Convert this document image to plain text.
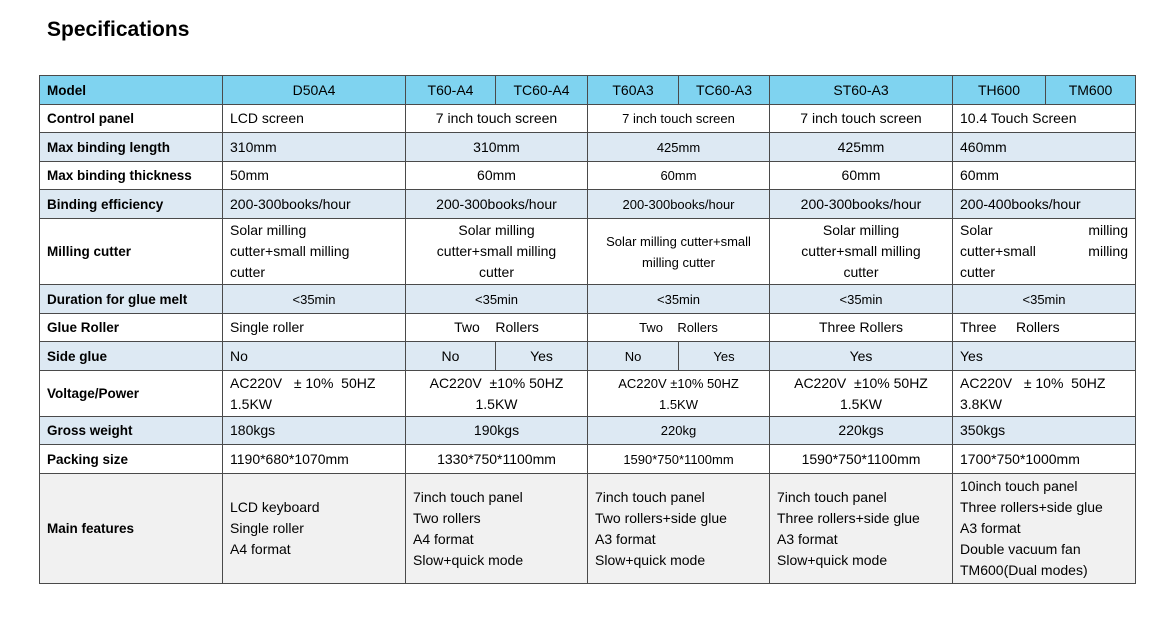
Specifications
Model	D50A4	T60-A4	TC60-A4	T60A3	TC60-A3	ST60-A3	TH600	TM600
Control panel	LCD screen	7 inch touch screen		7 inch touch screen		7 inch touch screen	10.4 Touch Screen	
Max binding length	310mm	310mm		425mm		425mm	460mm	
Max binding thickness	50mm	60mm		60mm		60mm	60mm	
Binding efficiency	200-300books/hour	200-300books/hour		200-300books/hour		200-300books/hour	200-400books/hour	
Milling cutter	Solar milling
cutter+small milling
cutter	Solar milling
cutter+small milling
cutter		Solar milling cutter+small
milling cutter		Solar milling
cutter+small milling
cutter	Solar milling
cutter+small milling
cutter	

Duration for glue melt	<35min	<35min		<35min		<35min	<35min	
Glue Roller	Single roller	Two    Rollers		Two    Rollers		Three Rollers	Three     Rollers	
Side glue	No	No	Yes	No	Yes	Yes	Yes	
Voltage/Power	AC220V   ± 10%  50HZ
1.5KW	AC220V  ±10% 50HZ
1.5KW		AC220V ±10% 50HZ
1.5KW		AC220V  ±10% 50HZ
1.5KW	AC220V   ± 10%  50HZ
3.8KW	

Gross weight	180kgs	190kgs		220kg		220kgs	350kgs	
Packing size	1190*680*1070mm	1330*750*1100mm		1590*750*1100mm		1590*750*1100mm	1700*750*1000mm	
Main features	LCD keyboard
Single roller
A4 format	7inch touch panel
Two rollers
A4 format
Slow+quick mode		7inch touch panel
Two rollers+side glue
A3 format
Slow+quick mode		7inch touch panel
Three rollers+side glue
A3 format
Slow+quick mode	10inch touch panel
Three rollers+side glue
A3 format
Double vacuum fan
TM600(Dual modes)	
